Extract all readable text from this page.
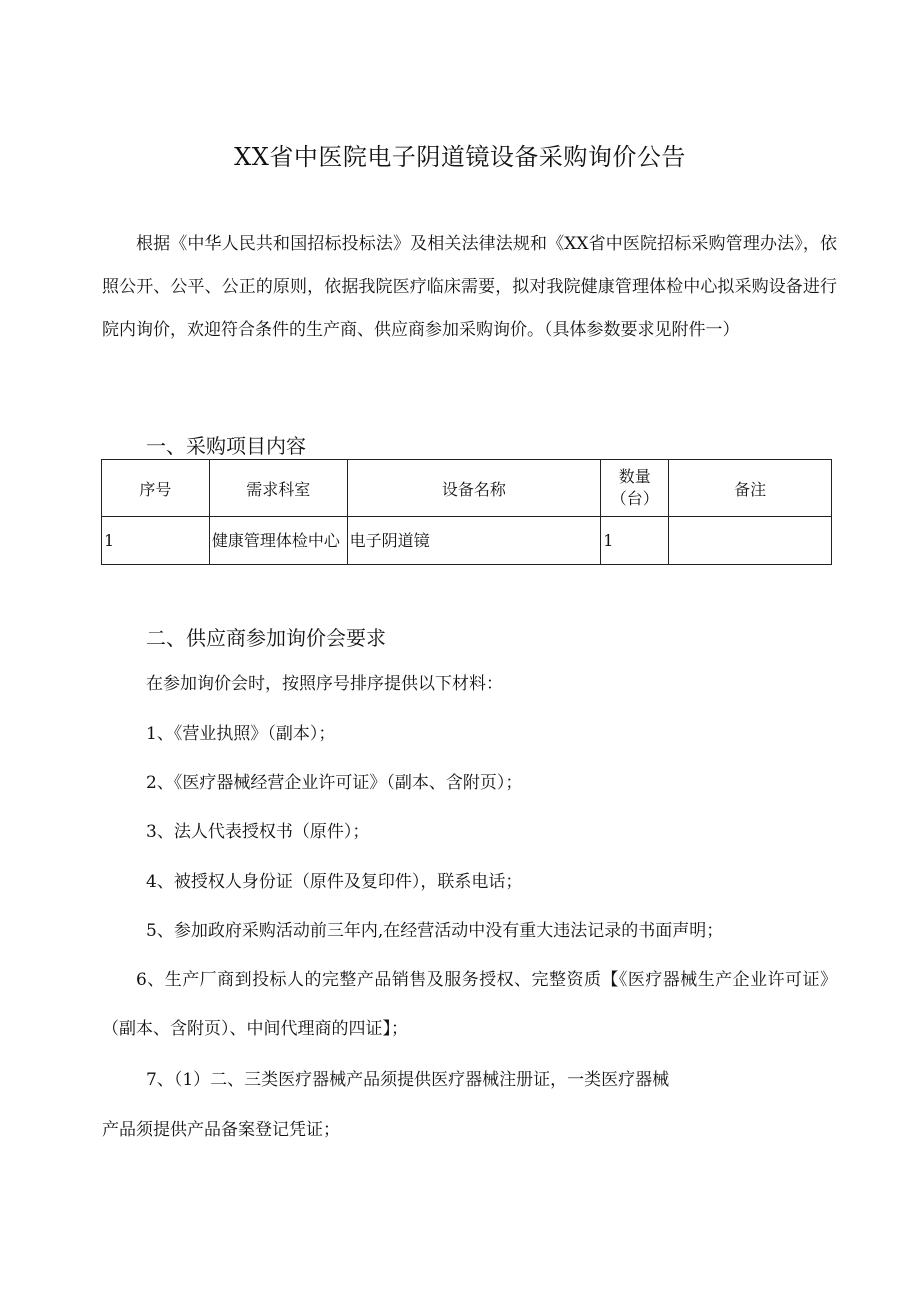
XX省中医院电子阴道镜设备采购询价公告

根据《中华人民共和国招标投标法》及相关法律法规和《XX省中医院招标采购管理办法》，依照公开、公平、公正的原则，依据我院医疗临床需要，拟对我院健康管理体检中心拟采购设备进行院内询价，欢迎符合条件的生产商、供应商参加采购询价。（具体参数要求见附件一）

一、采购项目内容
序号	需求科室	设备名称	数量（台）	备注
1	健康管理体检中心	电子阴道镜	1	
二、供应商参加询价会要求
在参加询价会时，按照序号排序提供以下材料：
1、《营业执照》（副本）；
2、《医疗器械经营企业许可证》（副本、含附页）；
3、法人代表授权书（原件）；
4、被授权人身份证（原件及复印件），联系电话；
5、参加政府采购活动前三年内,在经营活动中没有重大违法记录的书面声明；

6、生产厂商到投标人的完整产品销售及服务授权、完整资质【《医疗器械生产企业许可证》（副本、含附页）、中间代理商的四证】；

7、（1）二、三类医疗器械产品须提供医疗器械注册证，一类医疗器械
产品须提供产品备案登记凭证；
